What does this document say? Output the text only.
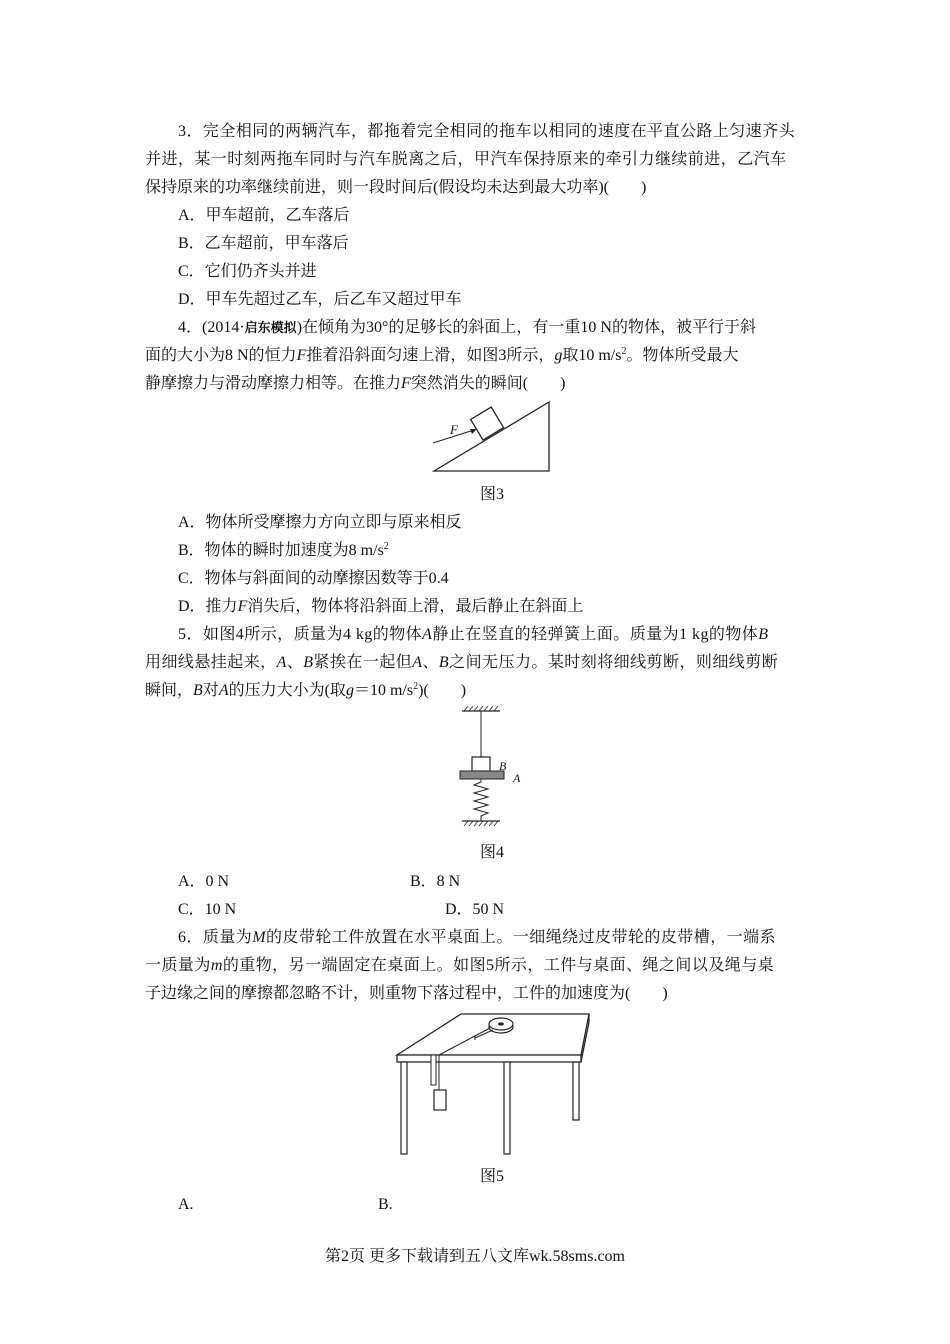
3．完全相同的两辆汽车，都拖着完全相同的拖车以相同的速度在平直公路上匀速齐头
并进，某一时刻两拖车同时与汽车脱离之后，甲汽车保持原来的牵引力继续前进，乙汽车
保持原来的功率继续前进，则一段时间后(假设均未达到最大功率)(　　)
A．甲车超前，乙车落后
B．乙车超前，甲车落后
C．它们仍齐头并进
D．甲车先超过乙车，后乙车又超过甲车
4．(2014·启东模拟)在倾角为30°的足够长的斜面上，有一重10 N的物体，被平行于斜
面的大小为8 N的恒力F推着沿斜面匀速上滑，如图3所示，g取10 $m/s^2$。物体所受最大
静摩擦力与滑动摩擦力相等。在推力F突然消失的瞬间(　　)
F
图3
A．物体所受摩擦力方向立即与原来相反
B．物体的瞬时加速度为8 $m/s^2$
C．物体与斜面间的动摩擦因数等于0.4
D．推力F消失后，物体将沿斜面上滑，最后静止在斜面上
5．如图4所示，质量为4 kg的物体A静止在竖直的轻弹簧上面。质量为1 kg的物体B
用细线悬挂起来，A、B紧挨在一起但A、B之间无压力。某时刻将细线剪断，则细线剪断
瞬间，B对A的压力大小为(取g＝10 $m/s^2$)(　　)
B
A
图4
A．0 N	B．8 N
C．10 N	D．50 N
6．质量为M的皮带轮工件放置在水平桌面上。一细绳绕过皮带轮的皮带槽，一端系
一质量为m的重物，另一端固定在桌面上。如图5所示，工件与桌面、绳之间以及绳与桌
子边缘之间的摩擦都忽略不计，则重物下落过程中，工件的加速度为(　　)
图5
A.	B.
第2页 更多下载请到五八文库wk.58sms.com
